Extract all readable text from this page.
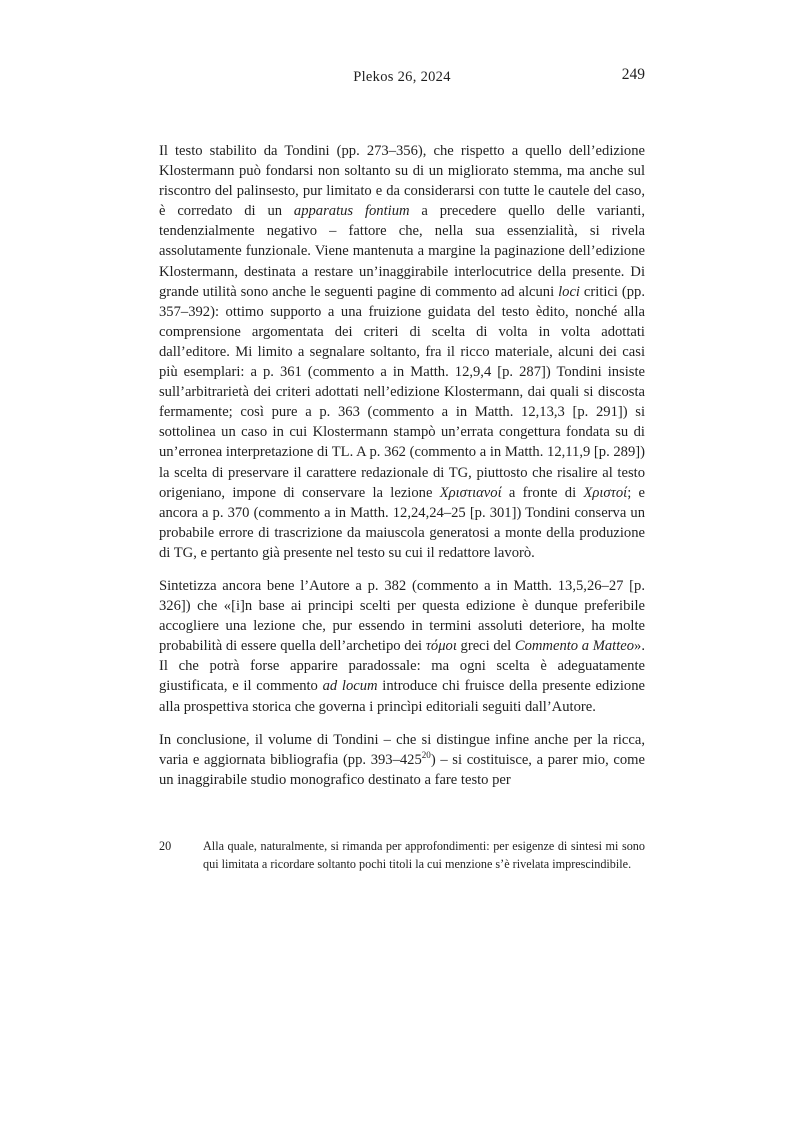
Plekos 26, 2024	249

Il testo stabilito da Tondini (pp. 273–356), che rispetto a quello dell’edizione Klostermann può fondarsi non soltanto su di un migliorato stemma, ma anche sul riscontro del palinsesto, pur limitato e da considerarsi con tutte le cautele del caso, è corredato di un apparatus fontium a precedere quello delle varianti, tendenzialmente negativo – fattore che, nella sua essenzialità, si rivela assolutamente funzionale. Viene mantenuta a margine la paginazione dell’edizione Klostermann, destinata a restare un’inaggirabile interlocutrice della presente. Di grande utilità sono anche le seguenti pagine di commento ad alcuni loci critici (pp. 357–392): ottimo supporto a una fruizione guidata del testo èdito, nonché alla comprensione argomentata dei criteri di scelta di volta in volta adottati dall’editore. Mi limito a segnalare soltanto, fra il ricco materiale, alcuni dei casi più esemplari: a p. 361 (commento a in Matth. 12,9,4 [p. 287]) Tondini insiste sull’arbitrarietà dei criteri adottati nell’edizione Klostermann, dai quali si discosta fermamente; così pure a p. 363 (commento a in Matth. 12,13,3 [p. 291]) si sottolinea un caso in cui Klostermann stampò un’errata congettura fondata su di un’erronea interpretazione di TL. A p. 362 (commento a in Matth. 12,11,9 [p. 289]) la scelta di preservare il carattere redazionale di TG, piuttosto che risalire al testo origeniano, impone di conservare la lezione Χριστιανοί a fronte di Χριστοί; e ancora a p. 370 (commento a in Matth. 12,24,24–25 [p. 301]) Tondini conserva un probabile errore di trascrizione da maiuscola generatosi a monte della produzione di TG, e pertanto già presente nel testo su cui il redattore lavorò.

Sintetizza ancora bene l’Autore a p. 382 (commento a in Matth. 13,5,26–27 [p. 326]) che «[i]n base ai principi scelti per questa edizione è dunque preferibile accogliere una lezione che, pur essendo in termini assoluti deteriore, ha molte probabilità di essere quella dell’archetipo dei τόμοι greci del Commento a Matteo». Il che potrà forse apparire paradossale: ma ogni scelta è adeguatamente giustificata, e il commento ad locum introduce chi fruisce della presente edizione alla prospettiva storica che governa i princìpi editoriali seguiti dall’Autore.

In conclusione, il volume di Tondini – che si distingue infine anche per la ricca, varia e aggiornata bibliografia (pp. $393-425^{20}$) – si costituisce, a parer mio, come un inaggirabile studio monografico destinato a fare testo per

20	Alla quale, naturalmente, si rimanda per approfondimenti: per esigenze di sintesi mi sono qui limitata a ricordare soltanto pochi titoli la cui menzione s’è rivelata imprescindibile.
